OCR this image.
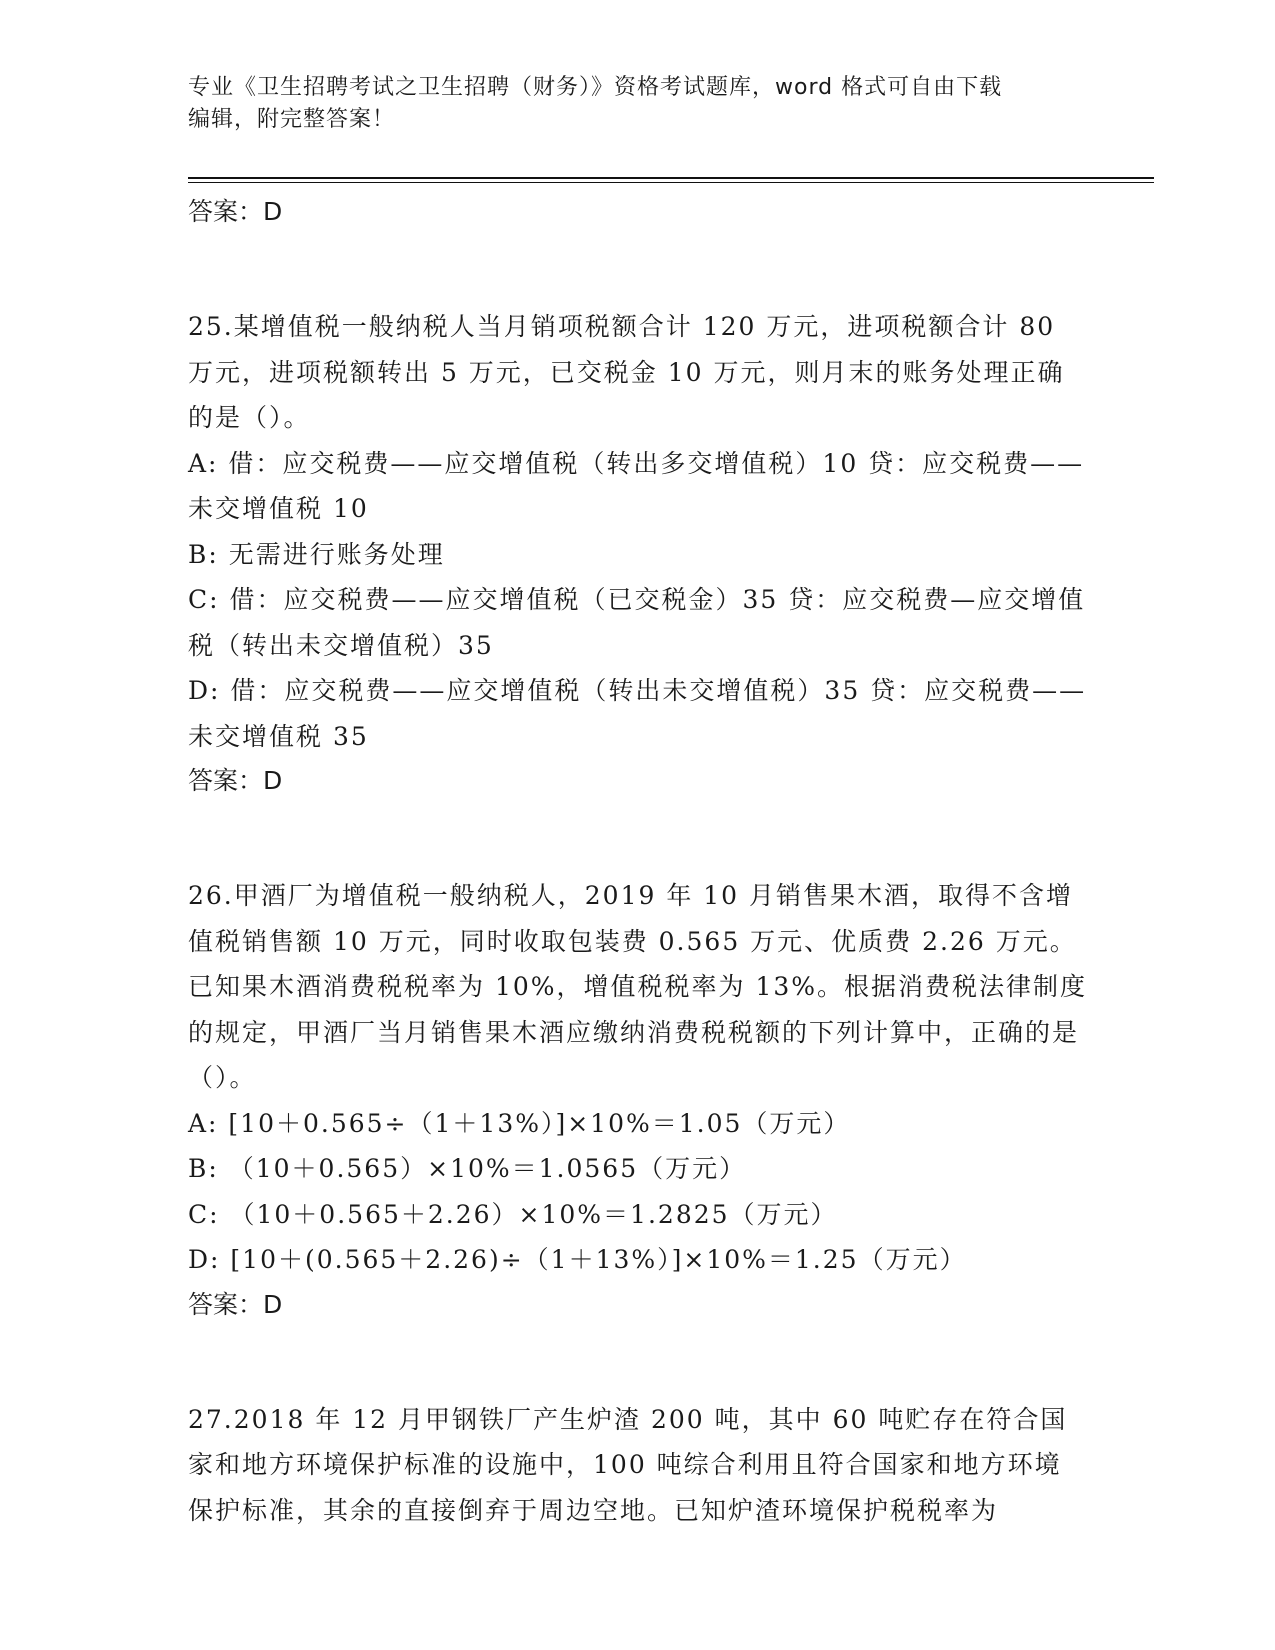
专业《卫生招聘考试之卫生招聘（财务）》资格考试题库，word 格式可自由下载
编辑，附完整答案！
答案：D

25.某增值税一般纳税人当月销项税额合计 120 万元，进项税额合计 80 万元，进项税额转出 5 万元，已交税金 10 万元，则月末的账务处理正确的是（）。

A: 借：应交税费——应交增值税（转出多交增值税）10 贷：应交税费——未交增值税 10

B: 无需进行账务处理

C: 借：应交税费——应交增值税（已交税金）35 贷：应交税费—应交增值税（转出未交增值税）35

D: 借：应交税费——应交增值税（转出未交增值税）35 贷：应交税费——未交增值税 35

答案：D

26.甲酒厂为增值税一般纳税人，2019 年 10 月销售果木酒，取得不含增值税销售额 10 万元，同时收取包装费 0.565 万元、优质费 2.26 万元。已知果木酒消费税税率为 10%，增值税税率为 13%。根据消费税法律制度的规定，甲酒厂当月销售果木酒应缴纳消费税税额的下列计算中，正确的是（）。

A: [10＋0.565÷（1＋13%）]×10%＝1.05（万元）

B: （10＋0.565）×10%＝1.0565（万元）

C: （10＋0.565＋2.26）×10%＝1.2825（万元）

D: [10＋(0.565＋2.26)÷（1＋13%）]×10%＝1.25（万元）

答案：D

27.2018 年 12 月甲钢铁厂产生炉渣 200 吨，其中 60 吨贮存在符合国家和地方环境保护标准的设施中，100 吨综合利用且符合国家和地方环境保护标准，其余的直接倒弃于周边空地。已知炉渣环境保护税税率为
